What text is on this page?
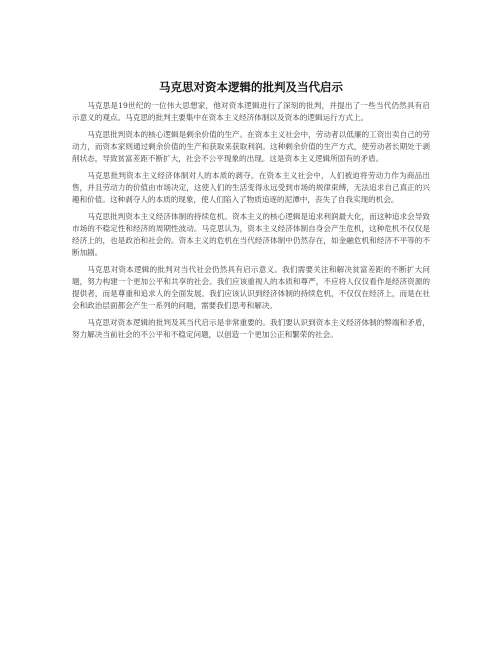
马克思对资本逻辑的批判及当代启示

马克思是19世纪的一位伟大思想家，他对资本逻辑进行了深刻的批判，并提出了一些当代仍然具有启示意义的观点。马克思的批判主要集中在资本主义经济体制以及资本的逻辑运行方式上。

马克思批判资本的核心逻辑是剩余价值的生产。在资本主义社会中，劳动者以低廉的工资出卖自己的劳动力，而资本家则通过剩余价值的生产和获取来获取利润。这种剩余价值的生产方式，使劳动者长期处于剥削状态，导致贫富差距不断扩大，社会不公平现象的出现。这是资本主义逻辑所固有的矛盾。

马克思批判资本主义经济体制对人的本质的剥夺。在资本主义社会中，人们被迫将劳动力作为商品出售，并且劳动力的价值由市场决定，这使人们的生活变得永远受到市场的规律束缚，无法追求自己真正的兴趣和价值。这种剥夺人的本质的现象，使人们陷入了物质追逐的泥潭中，丧失了自我实现的机会。

马克思批判资本主义经济体制的持续危机。资本主义的核心逻辑是追求利润最大化，而这种追求会导致市场的不稳定性和经济的周期性波动。马克思认为，资本主义经济体制自身会产生危机，这种危机不仅仅是经济上的，也是政治和社会的。资本主义的危机在当代经济体制中仍然存在，如金融危机和经济不平等的不断加剧。

马克思对资本逻辑的批判对当代社会仍然具有启示意义。我们需要关注和解决贫富差距的不断扩大问题，努力构建一个更加公平和共享的社会。我们应该重视人的本质和尊严，不应将人仅仅看作是经济资源的提供者，而是尊重和追求人的全面发展。我们应该认识到经济体制的持续危机，不仅仅在经济上，而是在社会和政治层面都会产生一系列的问题，需要我们思考和解决。

马克思对资本逻辑的批判及其当代启示是非常重要的。我们要认识到资本主义经济体制的弊端和矛盾，努力解决当前社会的不公平和不稳定问题，以创造一个更加公正和繁荣的社会。
